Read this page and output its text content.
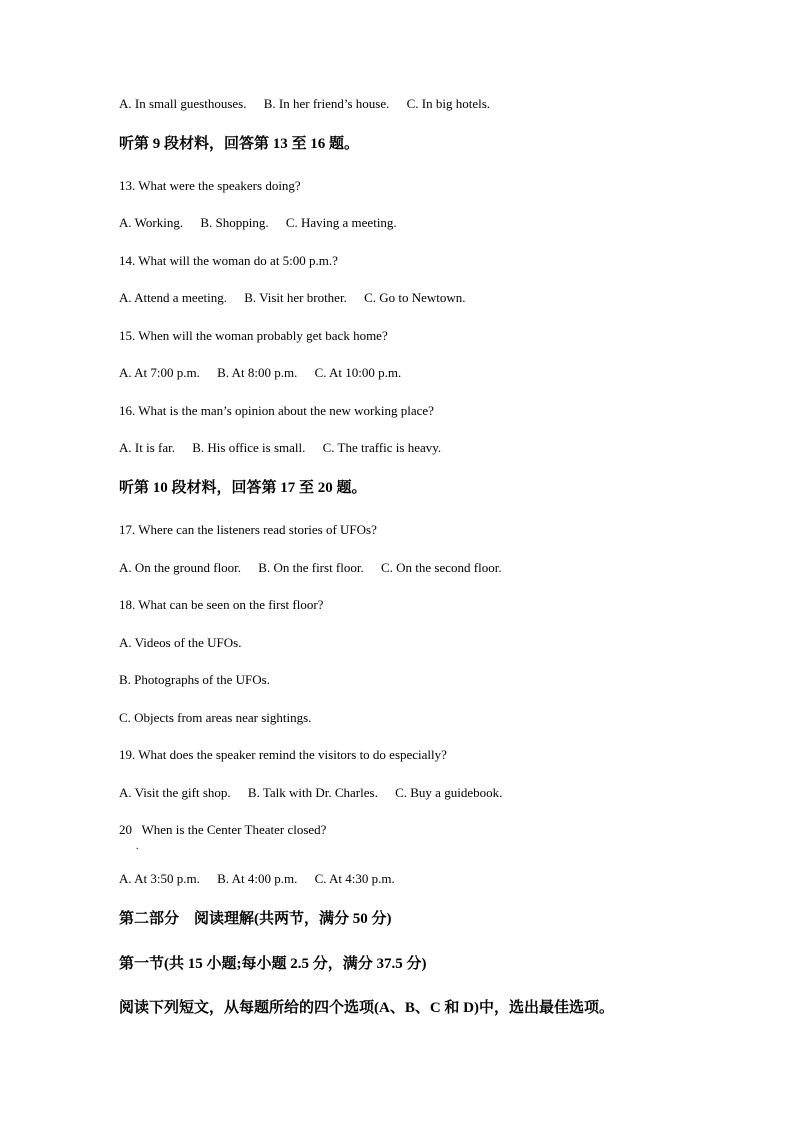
A. In small guesthouses. B. In her friend’s house. C. In big hotels.
听第 9 段材料，回答第 13 至 16 题。
13. What were the speakers doing?
A. Working. B. Shopping. C. Having a meeting.
14. What will the woman do at 5:00 p.m.?
A. Attend a meeting. B. Visit her brother. C. Go to Newtown.
15. When will the woman probably get back home?
A. At 7:00 p.m. B. At 8:00 p.m. C. At 10:00 p.m.
16. What is the man’s opinion about the new working place?
A. It is far. B. His office is small. C. The traffic is heavy.
听第 10 段材料，回答第 17 至 20 题。
17. Where can the listeners read stories of UFOs?
A. On the ground floor. B. On the first floor. C. On the second floor.
18. What can be seen on the first floor?
A. Videos of the UFOs.
B. Photographs of the UFOs.
C. Objects from areas near sightings.
19. What does the speaker remind the visitors to do especially?
A. Visit the gift shop. B. Talk with Dr. Charles. C. Buy a guidebook.
20   When is the Center Theater closed?
.
A. At 3:50 p.m. B. At 4:00 p.m. C. At 4:30 p.m.
第二部分　阅读理解(共两节，满分 50 分)
第一节(共 15 小题;每小题 2.5 分，满分 37.5 分)
阅读下列短文，从每题所给的四个选项(A、B、C 和 D)中，选出最佳选项。
